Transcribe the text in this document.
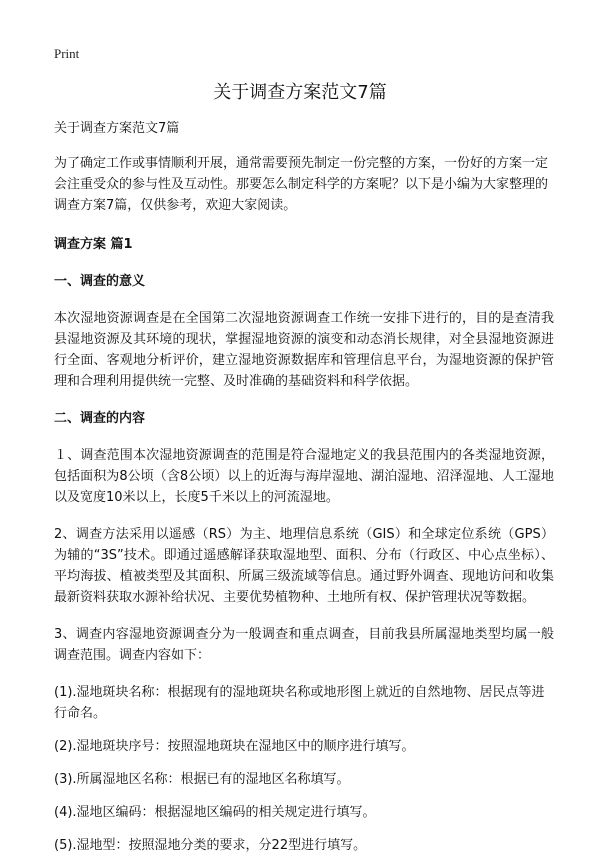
Print
关于调查方案范文7篇

关于调查方案范文7篇

为了确定工作或事情顺利开展，通常需要预先制定一份完整的方案，一份好的方案一定会注重受众的参与性及互动性。那要怎么制定科学的方案呢？以下是小编为大家整理的调查方案7篇，仅供参考，欢迎大家阅读。

调查方案 篇1

一、调查的意义

本次湿地资源调查是在全国第二次湿地资源调查工作统一安排下进行的，目的是查清我县湿地资源及其环境的现状，掌握湿地资源的演变和动态消长规律，对全县湿地资源进行全面、客观地分析评价，建立湿地资源数据库和管理信息平台，为湿地资源的保护管理和合理利用提供统一完整、及时准确的基础资料和科学依据。

二、调查的内容

１、调查范围本次湿地资源调查的范围是符合湿地定义的我县范围内的各类湿地资源，包括面积为8公顷（含8公顷）以上的近海与海岸湿地、湖泊湿地、沼泽湿地、人工湿地以及宽度10米以上，长度5千米以上的河流湿地。

2、调查方法采用以遥感（RS）为主、地理信息系统（GIS）和全球定位系统（GPS）为辅的“3S”技术。即通过遥感解译获取湿地型、面积、分布（行政区、中心点坐标）、平均海拔、植被类型及其面积、所属三级流域等信息。通过野外调查、现地访问和收集最新资料获取水源补给状况、主要优势植物种、土地所有权、保护管理状况等数据。

3、调查内容湿地资源调查分为一般调查和重点调查，目前我县所属湿地类型均属一般调查范围。调查内容如下：

(1).湿地斑块名称：根据现有的湿地斑块名称或地形图上就近的自然地物、居民点等进行命名。

(2).湿地斑块序号：按照湿地斑块在湿地区中的顺序进行填写。

(3).所属湿地区名称：根据已有的湿地区名称填写。

(4).湿地区编码：根据湿地区编码的相关规定进行填写。

(5).湿地型：按照湿地分类的要求，分22型进行填写。
